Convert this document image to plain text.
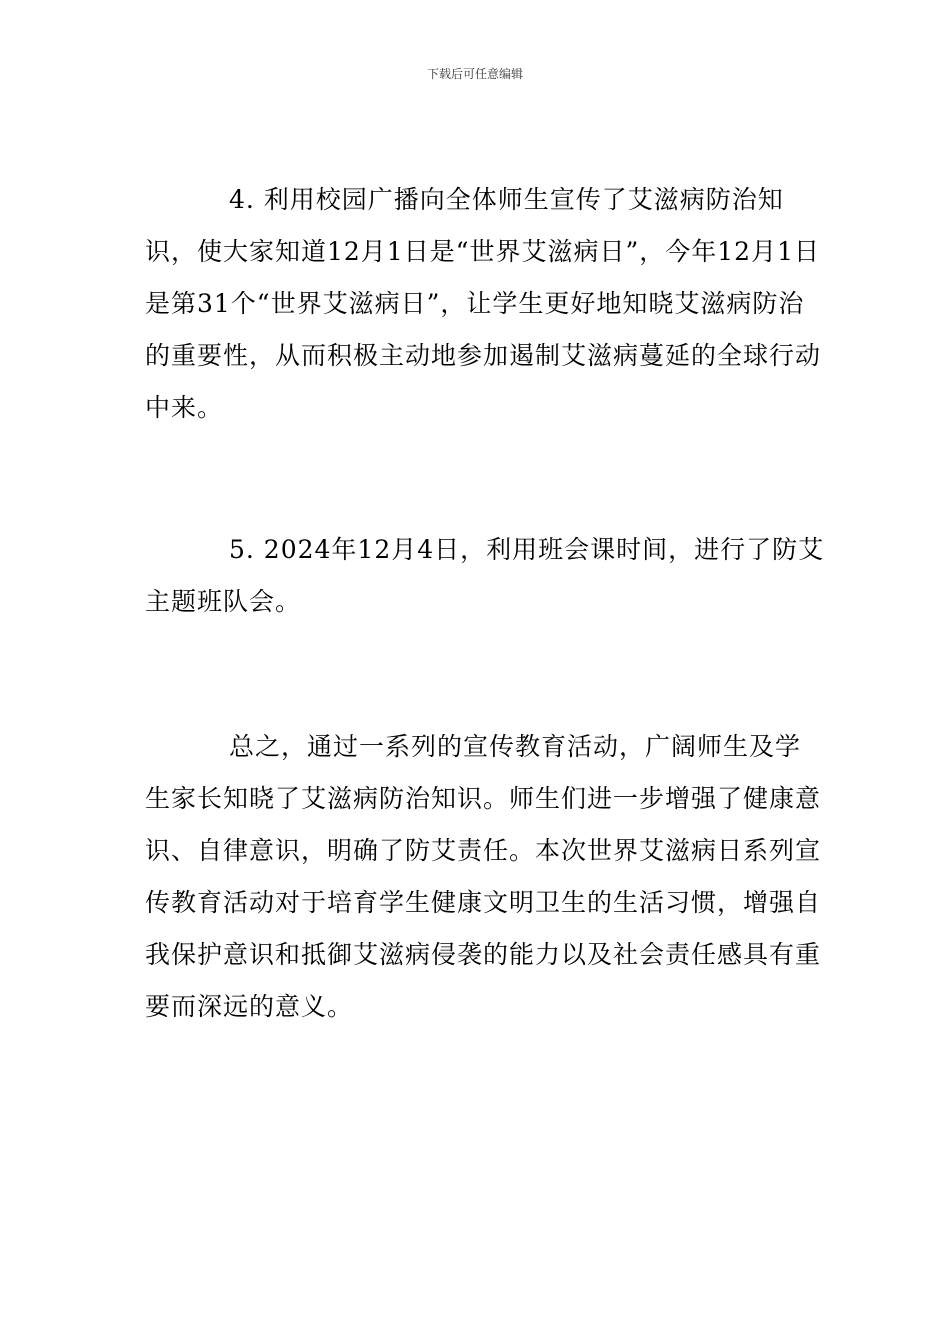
下载后可任意编辑

4. 利用校园广播向全体师生宣传了艾滋病防治知识，使大家知道12月1日是“世界艾滋病日”，今年12月1日是第31个“世界艾滋病日”，让学生更好地知晓艾滋病防治的重要性，从而积极主动地参加遏制艾滋病蔓延的全球行动中来。

5. 2024年12月4日，利用班会课时间，进行了防艾主题班队会。

总之，通过一系列的宣传教育活动，广阔师生及学生家长知晓了艾滋病防治知识。师生们进一步增强了健康意识、自律意识，明确了防艾责任。本次世界艾滋病日系列宣传教育活动对于培育学生健康文明卫生的生活习惯，增强自我保护意识和抵御艾滋病侵袭的能力以及社会责任感具有重要而深远的意义。
